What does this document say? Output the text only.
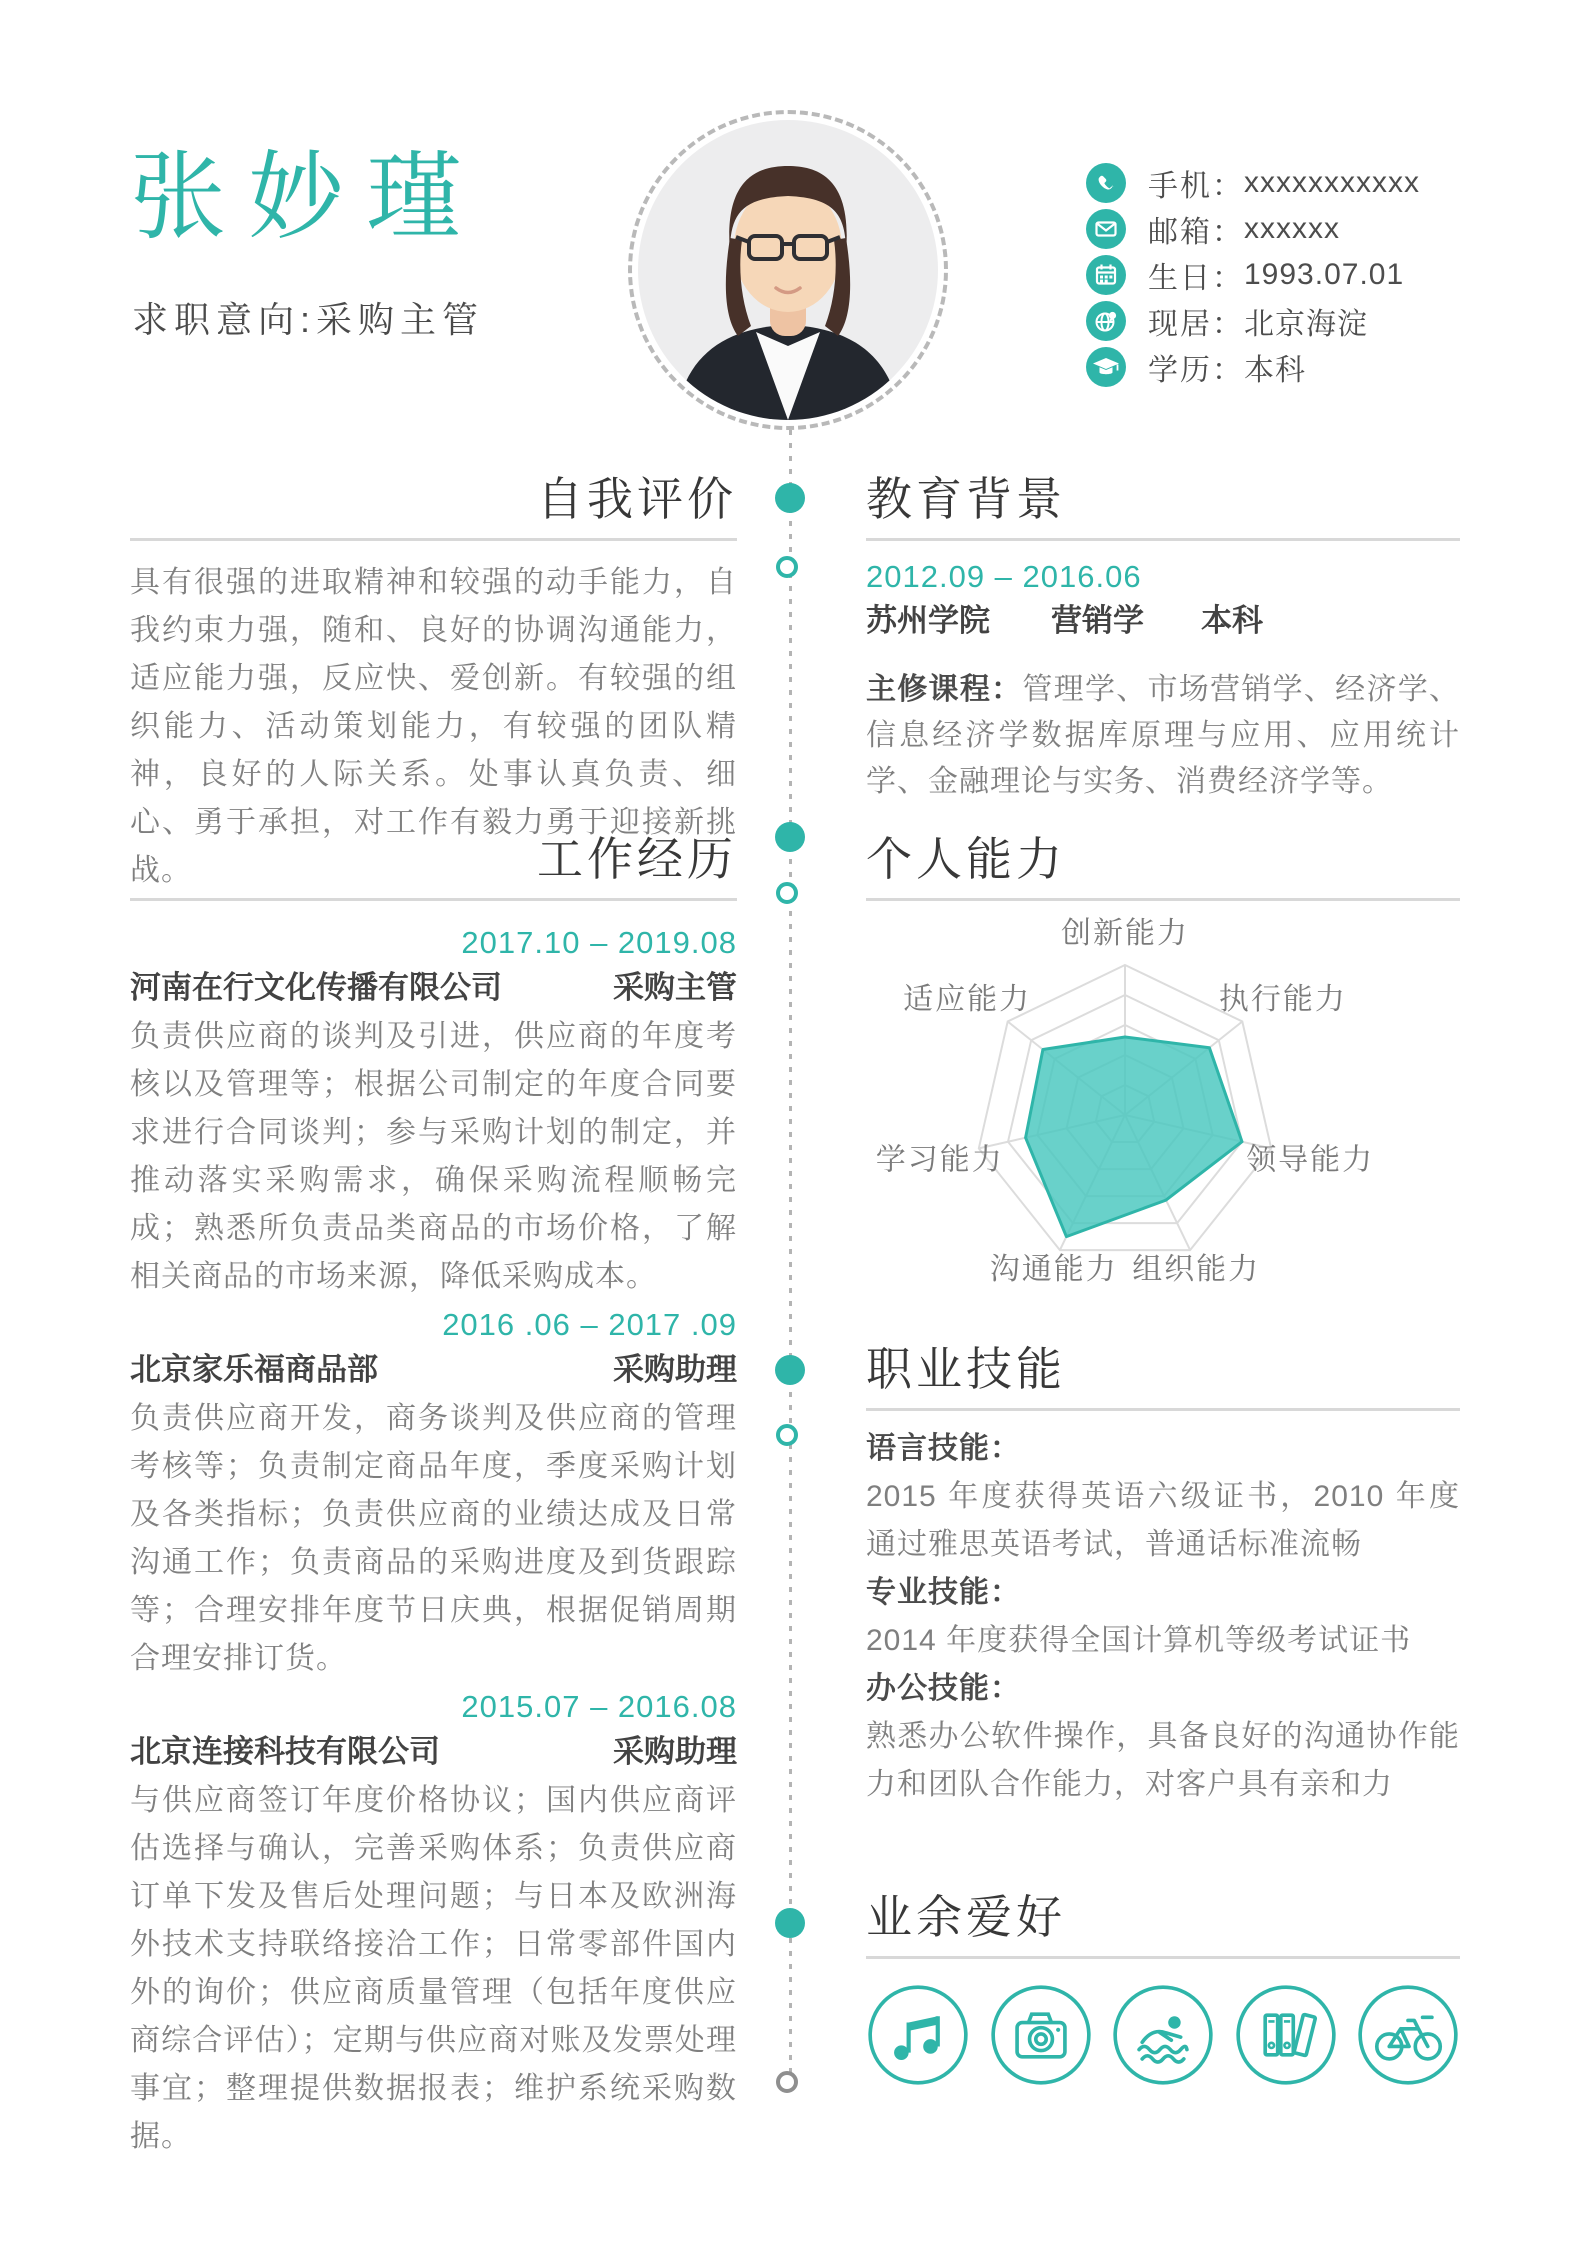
张妙瑾
求职意向:采购主管
手机： xxxxxxxxxxx
邮箱： xxxxxx
生日： 1993.07.01
现居： 北京海淀
学历： 本科
自我评价

具有很强的进取精神和较强的动手能力，自我约束力强，随和、良好的协调沟通能力，适应能力强，反应快、爱创新。有较强的组织能力、活动策划能力，有较强的团队精神，良好的人际关系。处事认真负责、细心、勇于承担，对工作有毅力勇于迎接新挑战。

教育背景

2012.09 – 2016.06

苏州学院	营销学	本科

主修课程：管理学、市场营销学、经济学、信息经济学数据库原理与应用、应用统计学、金融理论与实务、消费经济学等。

工作经历

2017.10 – 2019.08

河南在行文化传播有限公司	采购主管

负责供应商的谈判及引进，供应商的年度考核以及管理等；根据公司制定的年度合同要求进行合同谈判；参与采购计划的制定，并推动落实采购需求，确保采购流程顺畅完成；熟悉所负责品类商品的市场价格，了解相关商品的市场来源，降低采购成本。

2016 .06 – 2017 .09

北京家乐福商品部	采购助理

负责供应商开发，商务谈判及供应商的管理考核等；负责制定商品年度，季度采购计划及各类指标；负责供应商的业绩达成及日常沟通工作；负责商品的采购进度及到货跟踪等；合理安排年度节日庆典，根据促销周期合理安排订货。

2015.07 – 2016.08

北京连接科技有限公司	采购助理

与供应商签订年度价格协议；国内供应商评估选择与确认，完善采购体系；负责供应商订单下发及售后处理问题；与日本及欧洲海外技术支持联络接洽工作；日常零部件国内外的询价；供应商质量管理（包括年度供应商综合评估）；定期与供应商对账及发票处理事宜；整理提供数据报表；维护系统采购数据。

个人能力
创新能力
执行能力
领导能力
组织能力
沟通能力
学习能力
适应能力
职业技能

语言技能：

2015 年度获得英语六级证书，2010 年度通过雅思英语考试，普通话标准流畅

专业技能：

2014 年度获得全国计算机等级考试证书

办公技能：

熟悉办公软件操作，具备良好的沟通协作能力和团队合作能力，对客户具有亲和力

业余爱好
